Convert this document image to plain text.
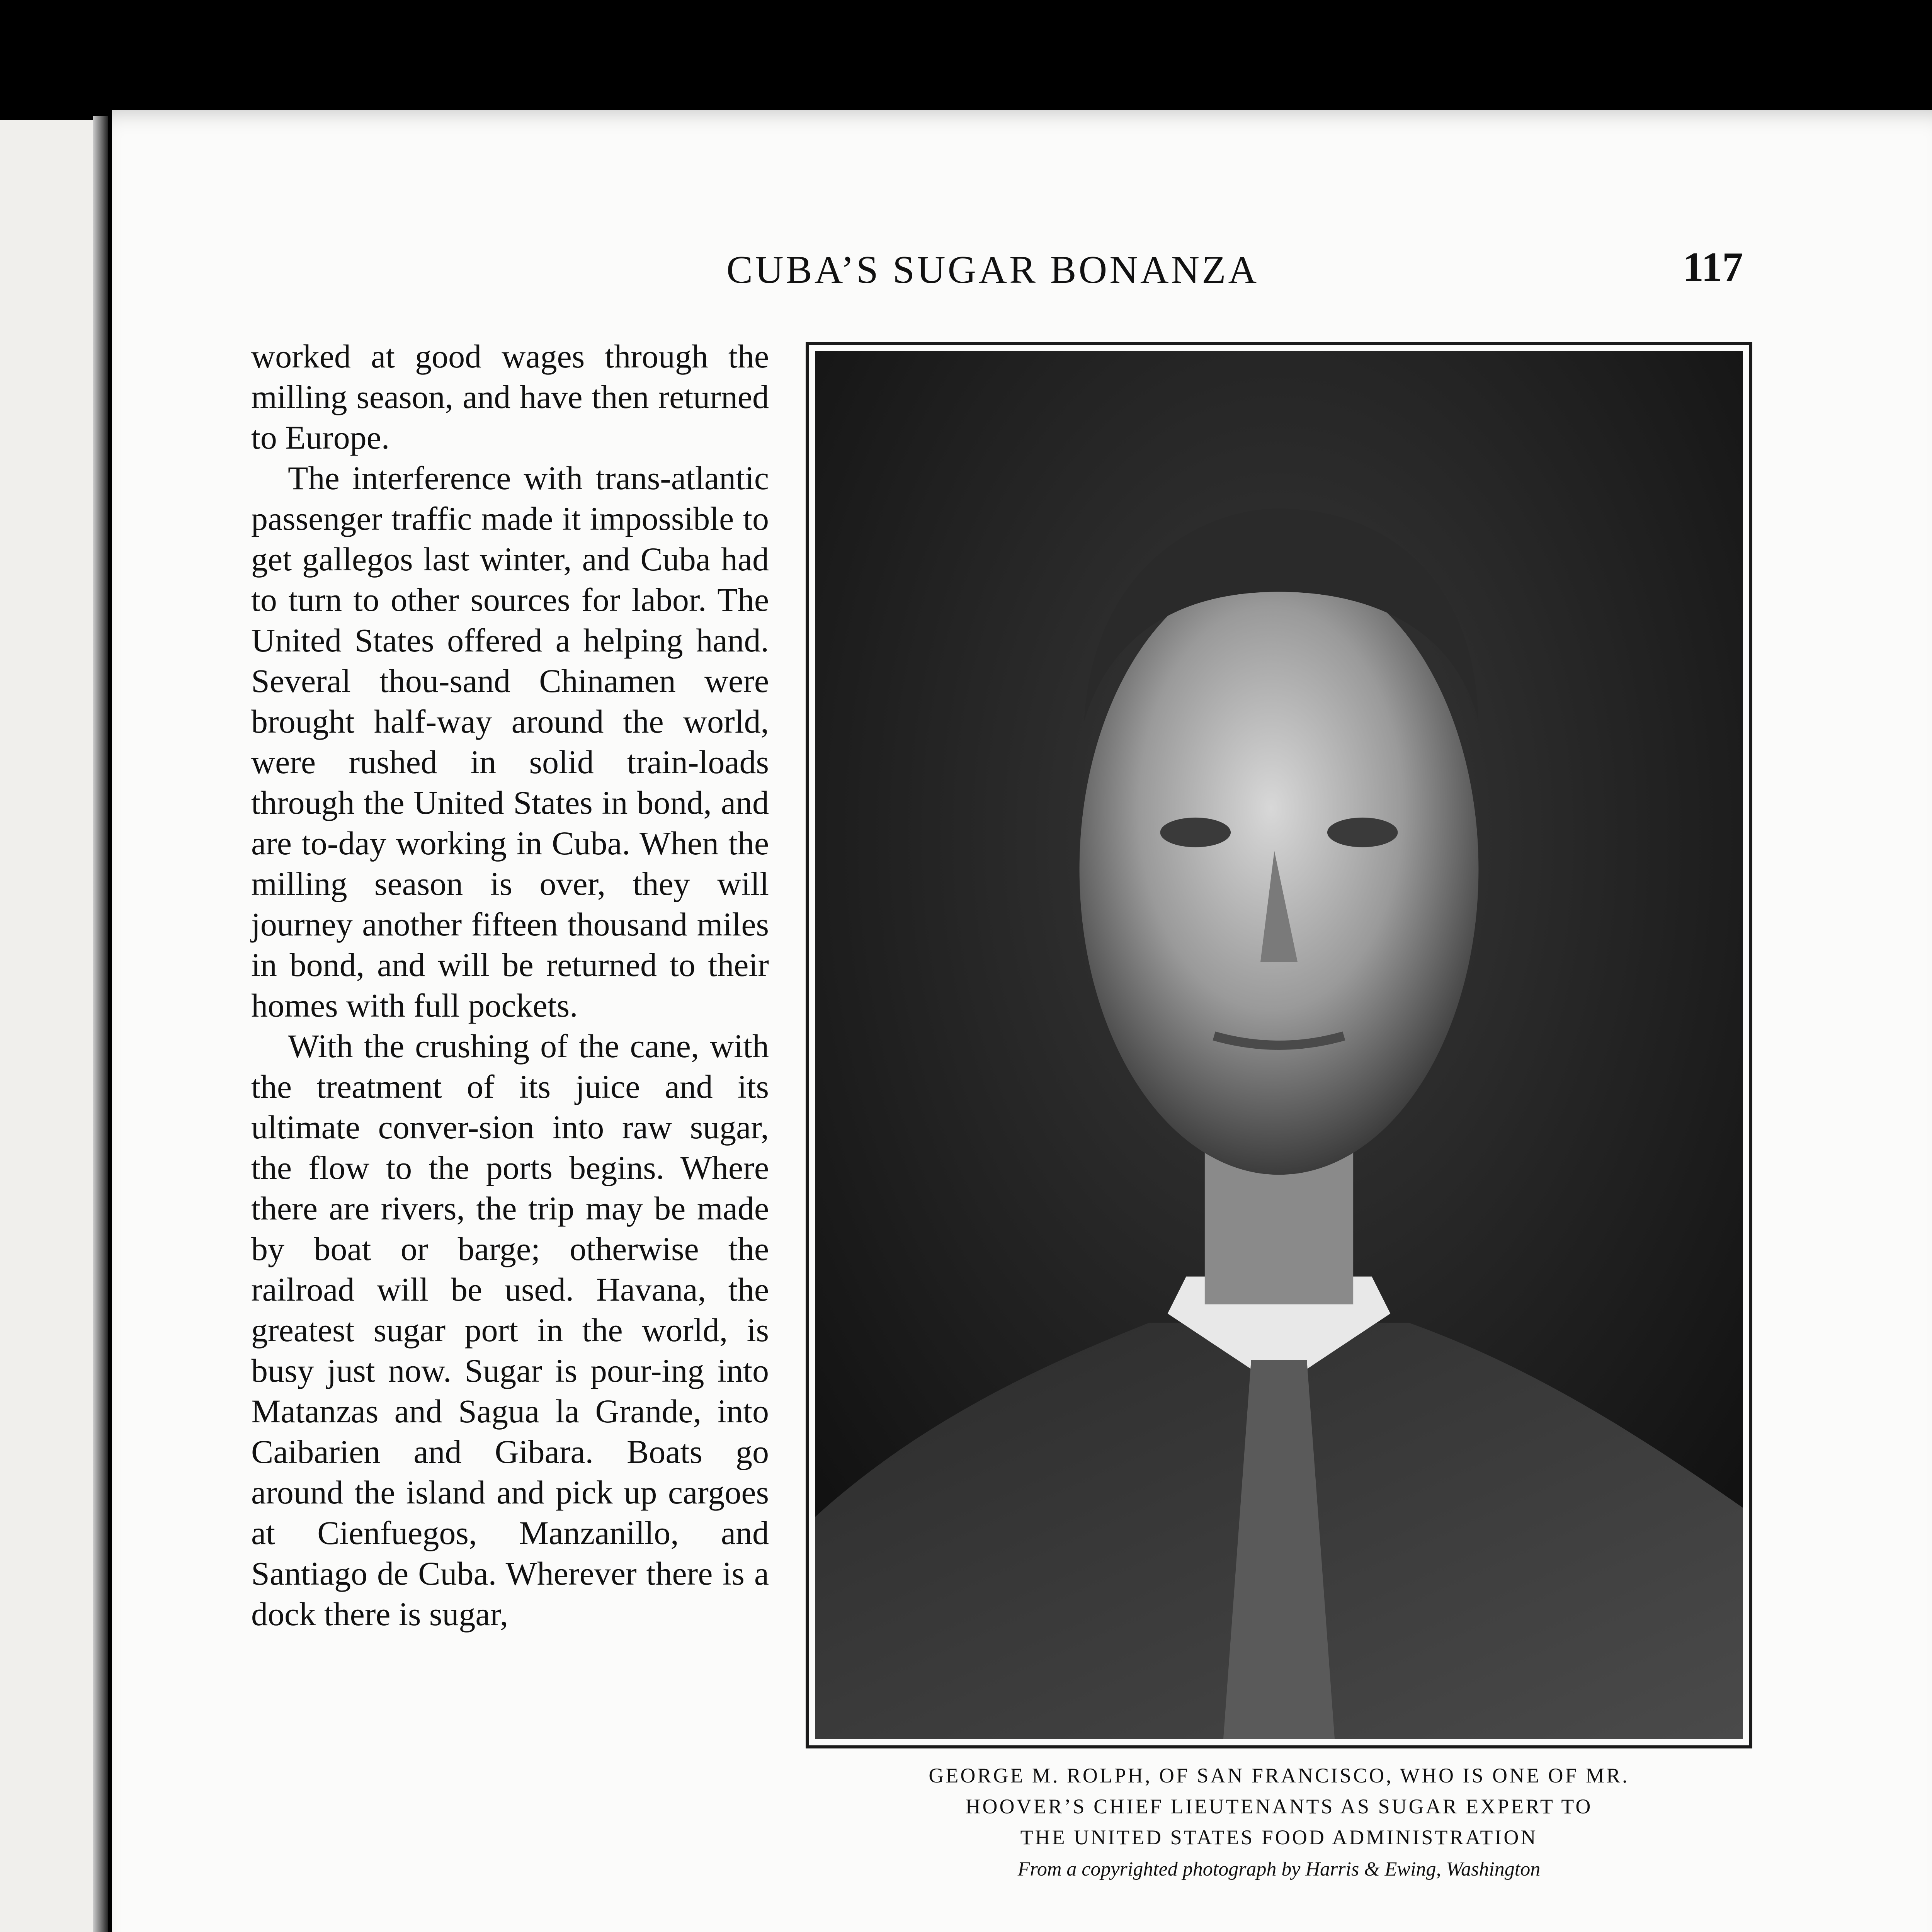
CUBA’S SUGAR BONANZA	117

worked at good wages through the milling season, and have then returned to Europe.

The interference with trans-atlantic passenger traffic made it impossible to get gallegos last winter, and Cuba had to turn to other sources for labor. The United States offered a helping hand. Several thou-sand Chinamen were brought half-way around the world, were rushed in solid train-loads through the United States in bond, and are to-day working in Cuba. When the milling season is over, they will journey another fifteen thousand miles in bond, and will be returned to their homes with full pockets.

With the crushing of the cane, with the treatment of its juice and its ultimate conver-sion into raw sugar, the flow to the ports begins. Where there are rivers, the trip may be made by boat or barge; otherwise the railroad will be used. Havana, the greatest sugar port in the world, is busy just now. Sugar is pour-ing into Matanzas and Sagua la Grande, into Caibarien and Gibara. Boats go around the island and pick up cargoes at Cienfuegos, Manzanillo, and Santiago de Cuba. Wherever there is a dock there is sugar,

GEORGE M. ROLPH, OF SAN FRANCISCO, WHO IS ONE OF MR.
HOOVER’S CHIEF LIEUTENANTS AS SUGAR EXPERT TO
THE UNITED STATES FOOD ADMINISTRATION
From a copyrighted photograph by Harris & Ewing, Washington
